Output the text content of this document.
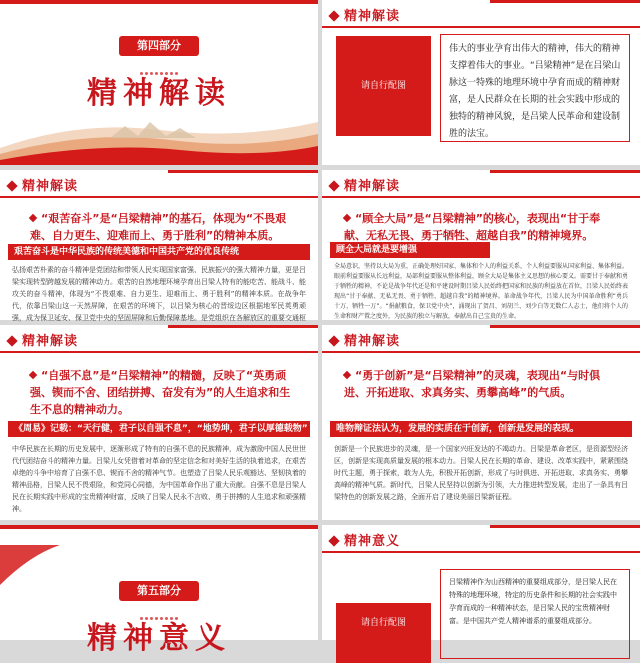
第四部分
精神解读
精神解读
请自行配图
伟大的事业孕育出伟大的精神，伟大的精神支撑着伟大的事业。“吕梁精神”是在吕梁山脉这一特殊的地理环境中孕育而成的精神财富，是人民群众在长期的社会实践中形成的独特的精神风貌，是吕梁人民革命和建设制胜的法宝。
精神解读
“艰苦奋斗”是“吕梁精神”的基石，体现为“不畏艰难、自力更生、迎难而上、勇于胜利”的精神本质。
艰苦奋斗是中华民族的传统美德和中国共产党的优良传统
弘扬艰苦朴素的奋斗精神是党团结和带领人民实现国家富强、民族振兴的强大精神力量，更是吕梁实现转型跨越发展的精神动力。艰苦的自然地理环境孕育出吕梁人特有的能吃苦、能战斗、能攻关的奋斗精神，体现为“不畏艰难、自力更生、迎难而上、勇于胜利”的精神本质。在战争年代，依靠吕梁山这一天然屏障，在艰苦的环境下，以吕梁为核心的晋绥边区根据地军民英勇顽强，成为保卫延安、保卫党中央的坚固屏障和后勤保障基地。是党组织在各解放区的重要交通枢
精神解读
“顾全大局”是“吕梁精神”的核心，表现出“甘于奉献、无私无畏、勇于牺牲、超越自我”的精神境界。
顾全大局就是要增强
全局意识，坚持以大局为重，正确处理好国家、集体和个人的利益关系，个人利益要服从国家利益、集体利益。眼前利益要服从长远利益，局部利益要服从整体利益，顾全大局是集体主义思想的核心要义。需要甘于奉献和勇于牺牲的精神，不论是战争年代还是和平建设时期吕梁人民始终把国家和民族的利益放在首位，吕梁人民始终表现出“甘于奉献、无私无畏、勇于牺牲、超越自我”的精神境界。革命战争年代，吕梁人民为中国革命胜利“勇兵十万，牺牲一万”。“捐献粮食，保卫党中央”，涌现出了贺昌、刘胡兰、刘少白等无数仁人志士，他们将个人的生命和财产置之度外，为民族的独立与解放，奉献出自己宝贵的生命。
精神解读
“自强不息”是“吕梁精神”的精髓，反映了“英勇顽强、锲而不舍、团结拼搏、奋发有为”的人生追求和生生不息的精神动力。
《周易》记载：“天行健，君子以自强不息”，“地势坤，君子以厚德载物”
中华民族在长期的历史发展中，逐渐形成了特有的自强不息的民族精神，成为激励中国人民世世代代团结奋斗的精神力量。吕梁儿女凭借着对革命的坚定信念和对美好生活的执着追求，在艰苦卓绝的斗争中培育了自强不息、锲而不舍的精神气节。也塑造了吕梁人民乐观豁达、坚韧执着的精神品格，吕梁人民不畏艰险，和党同心同德，为中国革命作出了重大贡献。自强不息是吕梁人民在长期实践中形成的宝贵精神财富，反映了吕梁人民永不言败、勇于拼搏的人生追求和顽强精神。
精神解读
“勇于创新”是“吕梁精神”的灵魂，表现出“与时俱进、开拓进取、求真务实、勇攀高峰”的气质。
唯物辩证法认为，发展的实质在于创新，创新是发展的表现。
创新是一个民族进步的灵魂，是一个国家兴旺发达的不竭动力。吕梁是革命老区，是资源型经济区，创新是实现高质量发展的根本动力。吕梁人民在长期的革命、建设、改革实践中，紧紧围绕时代主题，勇于探索，敢为人先，积极开拓创新，形成了与时俱进、开拓进取、求真务实、勇攀高峰的精神气质。新时代，吕梁人民坚持以创新为引领，大力推进转型发展，走出了一条具有吕梁特色的创新发展之路，全面开启了建设美丽吕梁新征程。
第五部分
精神意义
精神意义
请自行配图
吕梁精神作为山西精神的重要组成部分，是吕梁人民在特殊的地理环境，特定的历史条件和长期的社会实践中孕育而成的一种精神状态，是吕梁人民的宝贵精神财富。是中国共产党人精神谱系的重要组成部分。
